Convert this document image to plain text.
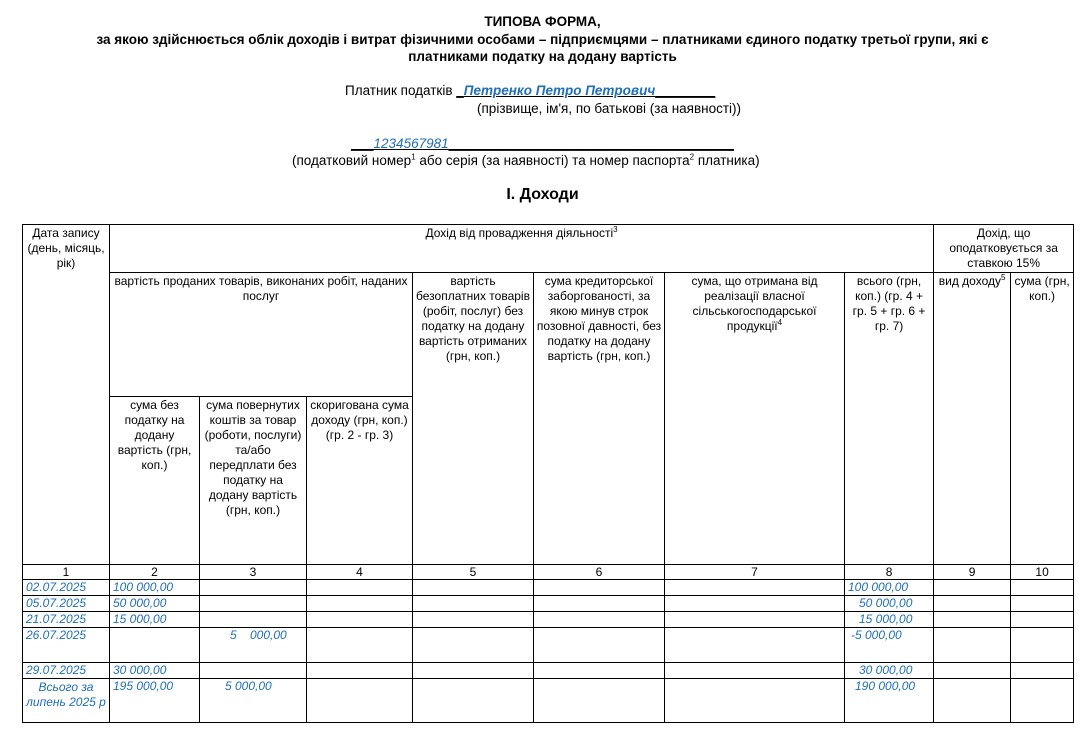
ТИПОВА ФОРМА,
за якою здійснюється облік доходів і витрат фізичними особами – підприємцями – платниками єдиного податку третьої групи, які є
платниками податку на додану вартість
Платник податків _Петренко Петро Петрович________
(прізвище, ім'я, по батькові (за наявності))
___1234567981______________________________________
(податковий номер$^1$ або серія (за наявності) та номер паспорта$^2$ платника)
І. Доходи
Дата запису (день, місяць, рік)	Дохід від провадження діяльності$^3$							Дохід, що оподатковується за ставкою 15%	
	вартість проданих товарів, виконаних робіт, наданих послуг			вартість безоплатних товарів (робіт, послуг) без податку на додану вартість отриманих (грн, коп.)	сума кредиторської заборгованості, за якою минув строк позовної давності, без податку на додану вартість (грн, коп.)	сума, що отримана від реалізації власної сільськогосподарської продукції$^4$	всього (грн, коп.) (гр. 4 + гр. 5 + гр. 6 + гр. 7)	вид доходу$^5$	сума (грн, коп.)
	сума без податку на додану вартість (грн, коп.)	сума повернутих коштів за товар (роботи, послуги) та/або передплати без податку на додану вартість (грн, коп.)	скоригована сума доходу (грн, коп.) (гр. 2 - гр. 3)						
1	2	3	4	5	6	7	8	9	10
02.07.2025	100 000,00						100 000,00		
05.07.2025	50 000,00						50 000,00		
21.07.2025	15 000,00						15 000,00		
26.07.2025		5    000,00					-5 000,00		
29.07.2025	30 000,00						30 000,00		
Всього за липень 2025 р	195 000,00	5 000,00					190 000,00		
